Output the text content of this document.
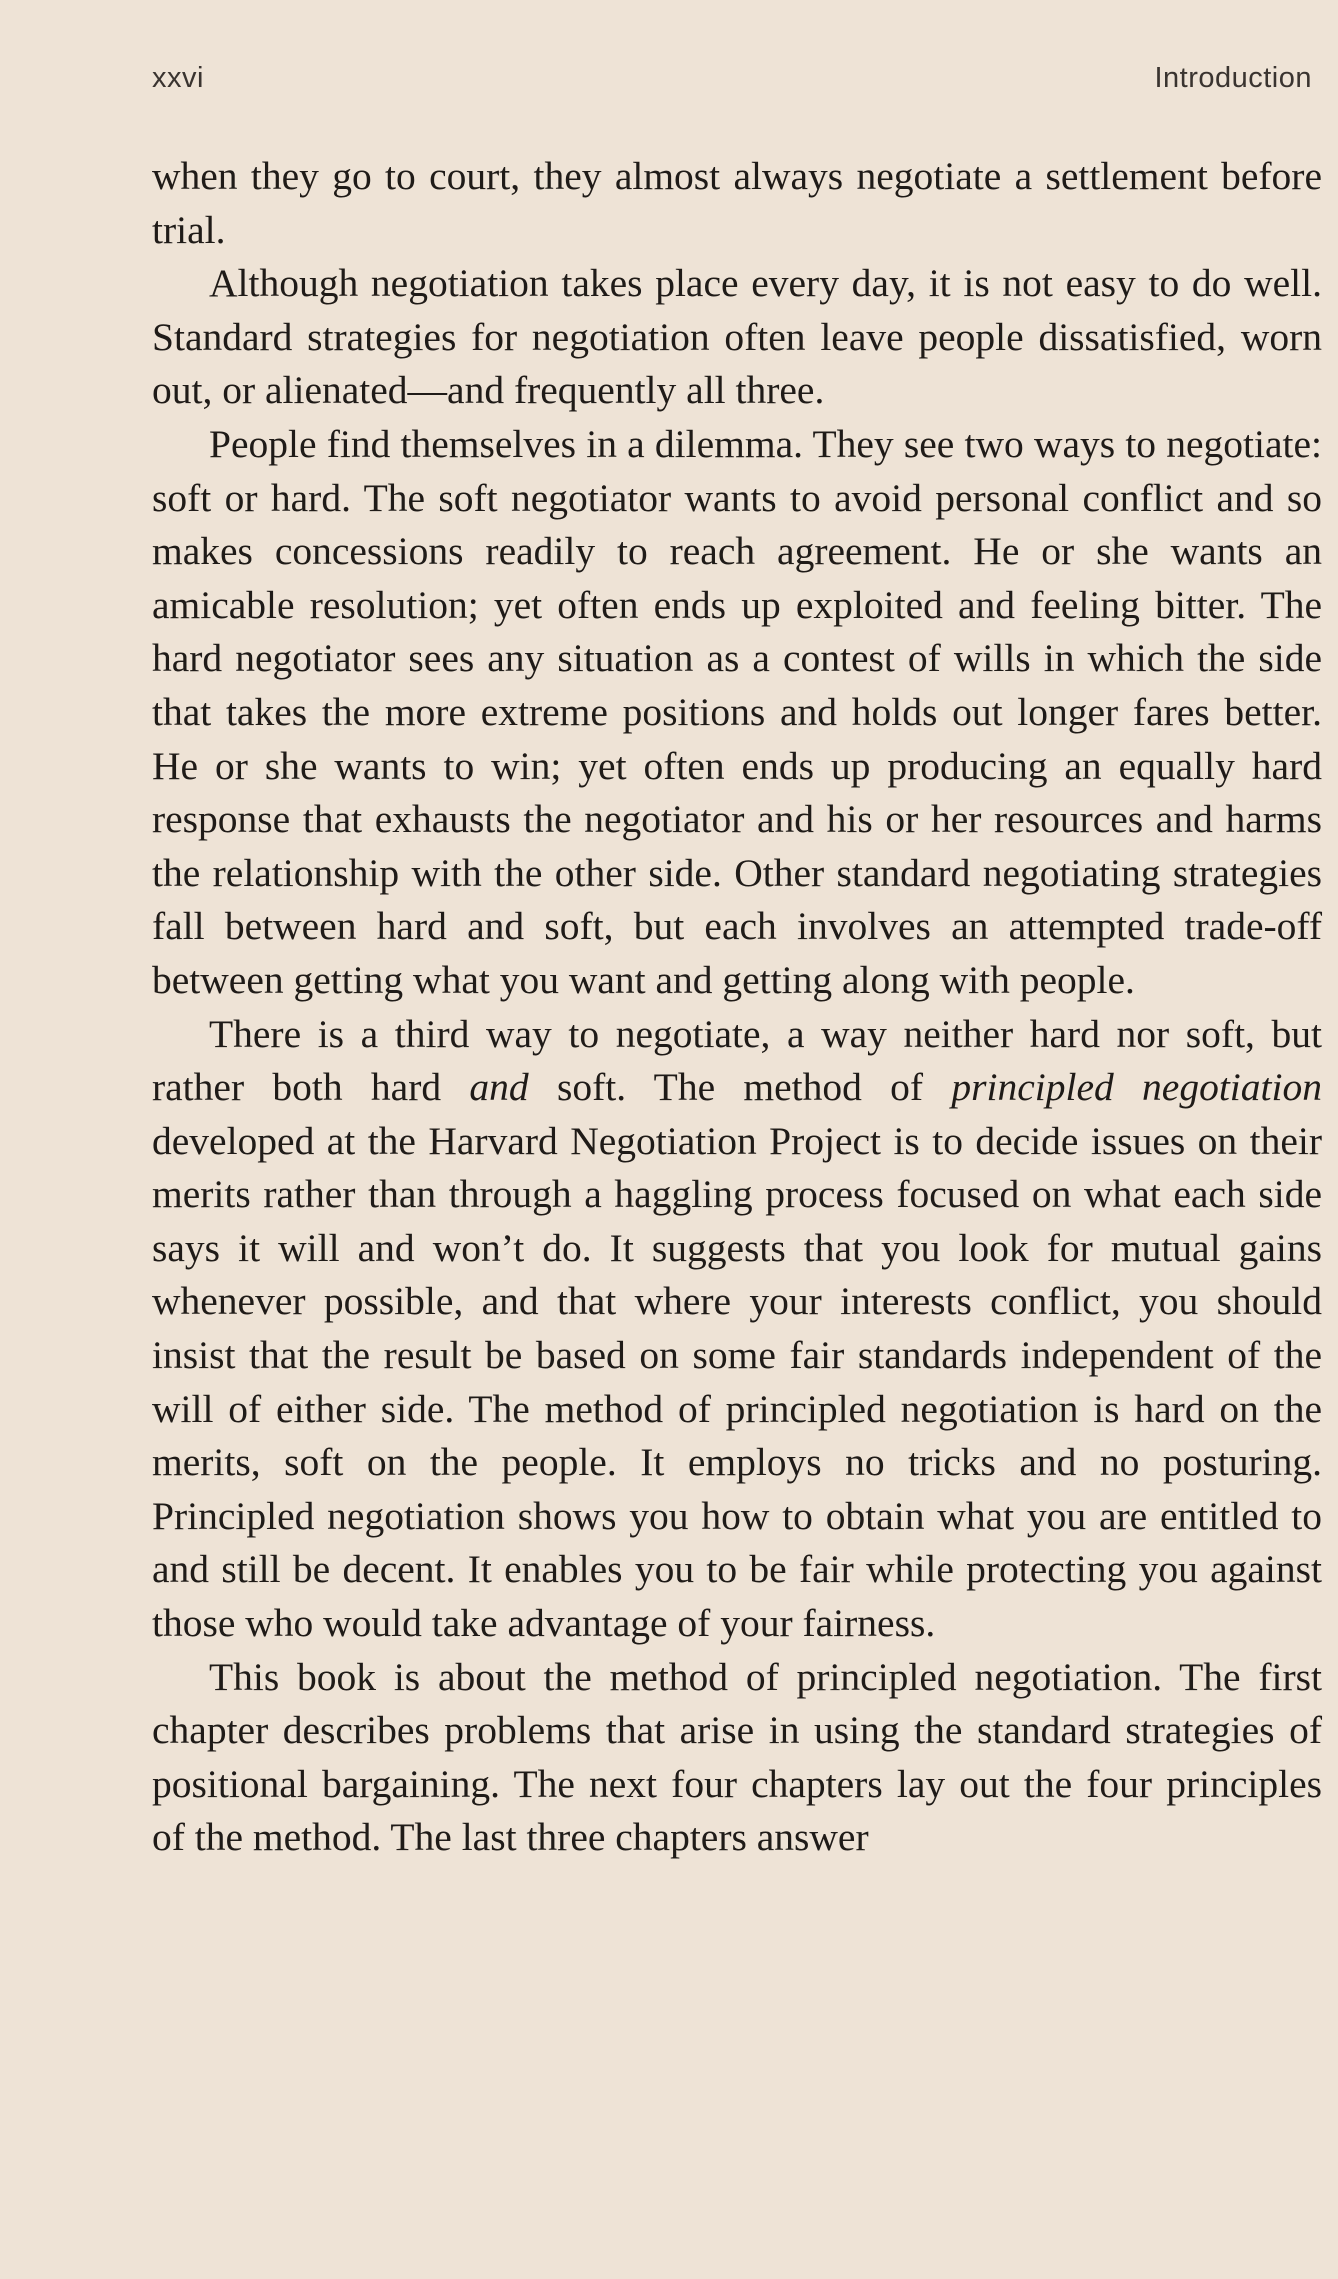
xxvi	Introduction

when they go to court, they almost always negotiate a settlement before trial.

Although negotiation takes place every day, it is not easy to do well. Standard strategies for negotiation often leave people dissatisfied, worn out, or alienated—and frequently all three.

People find themselves in a dilemma. They see two ways to negotiate: soft or hard. The soft negotiator wants to avoid personal conflict and so makes concessions readily to reach agreement. He or she wants an amicable resolution; yet often ends up exploited and feeling bitter. The hard negotiator sees any situation as a contest of wills in which the side that takes the more extreme positions and holds out longer fares better. He or she wants to win; yet often ends up producing an equally hard response that exhausts the negotiator and his or her resources and harms the relationship with the other side. Other standard negotiating strategies fall between hard and soft, but each involves an attempted trade-off between getting what you want and getting along with people.

There is a third way to negotiate, a way neither hard nor soft, but rather both hard and soft. The method of principled negotiation developed at the Harvard Negotiation Project is to decide issues on their merits rather than through a haggling process focused on what each side says it will and won’t do. It suggests that you look for mutual gains whenever possible, and that where your interests conflict, you should insist that the result be based on some fair standards independent of the will of either side. The method of principled negotiation is hard on the merits, soft on the people. It employs no tricks and no posturing. Principled negotiation shows you how to obtain what you are entitled to and still be decent. It enables you to be fair while protecting you against those who would take advantage of your fairness.

This book is about the method of principled negotiation. The first chapter describes problems that arise in using the standard strategies of positional bargaining. The next four chapters lay out the four principles of the method. The last three chapters answer
